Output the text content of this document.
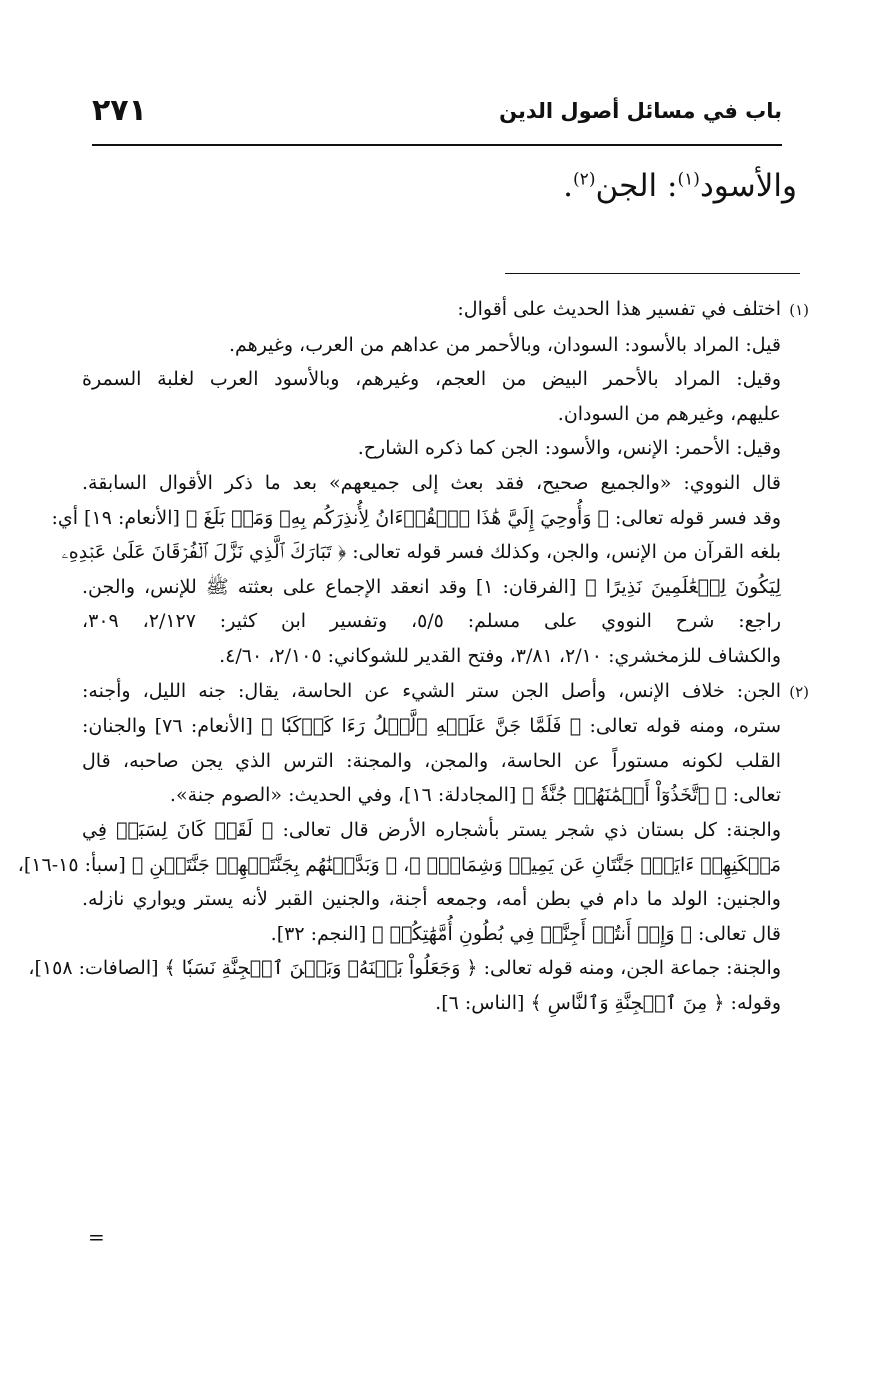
٢٧١	باب في مسائل أصول الدين
والأسود$^{(١)}$: الجن$^{(٢)}$.
(١)اختلف في تفسير هذا الحديث على أقوال:
قيل: المراد بالأسود: السودان، وبالأحمر من عداهم من العرب، وغيرهم.
وقيل: المراد بالأحمر البيض من العجم، وغيرهم، وبالأسود العرب لغلبة السمرة
عليهم، وغيرهم من السودان.
وقيل: الأحمر: الإنس، والأسود: الجن كما ذكره الشارح.
قال النووي: «والجميع صحيح، فقد بعث إلى جميعهم» بعد ما ذكر الأقوال السابقة.
وقد فسر قوله تعالى: ﴿ وَأُوحِيَ إِلَيَّ هَٰذَا ٱلۡقُرۡءَانُ لِأُنذِرَكُم بِهِۦ وَمَنۢ بَلَغَ ﴾ [الأنعام: ١٩] أي:
بلغه القرآن من الإنس، والجن، وكذلك فسر قوله تعالى: ﴿ تَبَارَكَ ٱلَّذِي نَزَّلَ ٱلۡفُرۡقَانَ عَلَىٰ عَبۡدِهِۦ
لِيَكُونَ لِلۡعَٰلَمِينَ نَذِيرًا ﴾ [الفرقان: ١] وقد انعقد الإجماع على بعثته ﷺ للإنس، والجن.
راجع: شرح النووي على مسلم: ٥/٥، وتفسير ابن كثير: ٢/١٢٧، ٣٠٩،
والكشاف للزمخشري: ٢/١٠، ٣/٨١، وفتح القدير للشوكاني: ٢/١٠٥، ٤/٦٠.
(٢)الجن: خلاف الإنس، وأصل الجن ستر الشيء عن الحاسة، يقال: جنه الليل، وأجنه:
ستره، ومنه قوله تعالى: ﴿ فَلَمَّا جَنَّ عَلَيۡهِ ٱلَّيۡلُ رَءَا كَوۡكَبٗا ﴾ [الأنعام: ٧٦] والجنان:
القلب لكونه مستوراً عن الحاسة، والمجن، والمجنة: الترس الذي يجن صاحبه، قال
تعالى: ﴿ ٱتَّخَذُوٓاْ أَيۡمَٰنَهُمۡ جُنَّةٗ ﴾ [المجادلة: ١٦]، وفي الحديث: «الصوم جنة».
والجنة: كل بستان ذي شجر يستر بأشجاره الأرض قال تعالى: ﴿ لَقَدۡ كَانَ لِسَبَإٖ فِي
مَسۡكَنِهِمۡ ءَايَةٞۖ جَنَّتَانِ عَن يَمِينٖ وَشِمَالٖۖ ﴾، ﴿ وَبَدَّلۡنَٰهُم بِجَنَّتَيۡهِمۡ جَنَّتَيۡنِ ﴾ [سبأ: ١٥-١٦]،
والجنين: الولد ما دام في بطن أمه، وجمعه أجنة، والجنين القبر لأنه يستر ويواري نازله.
قال تعالى: ﴿ وَإِذۡ أَنتُمۡ أَجِنَّةٞ فِي بُطُونِ أُمَّهَٰتِكُمۡ ﴾ [النجم: ٣٢].
والجنة: جماعة الجن، ومنه قوله تعالى: ﴿ وَجَعَلُواْ بَيۡنَهُۥ وَبَيۡنَ ٱلۡجِنَّةِ نَسَبٗا ﴾ [الصافات: ١٥٨]،
وقوله: ﴿ مِنَ ٱلۡجِنَّةِ وَٱلنَّاسِ ﴾ [الناس: ٦].
=
